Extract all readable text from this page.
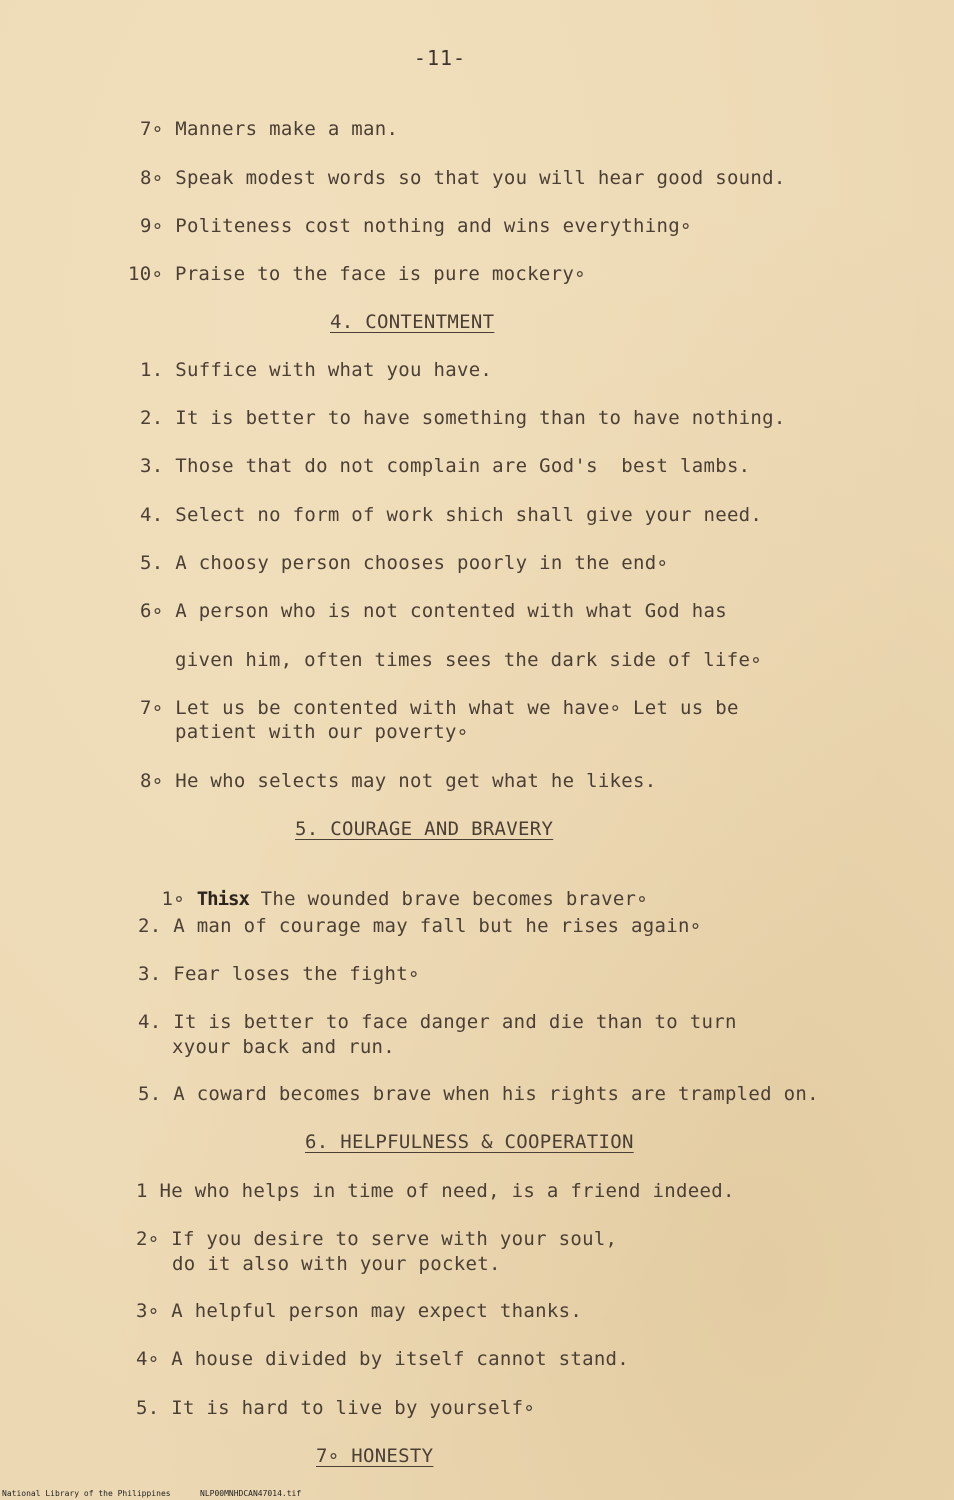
-11-
7∘ Manners make a man.
8∘ Speak modest words so that you will hear good sound.
9∘ Politeness cost nothing and wins everything∘
10∘ Praise to the face is pure mockery∘
4. CONTENTMENT
1. Suffice with what you have.
2. It is better to have something than to have nothing.
3. Those that do not complain are God's  best lambs.
4. Select no form of work shich shall give your need.
5. A choosy person chooses poorly in the end∘
6∘ A person who is not contented with what God has
given him, often times sees the dark side of life∘
7∘ Let us be contented with what we have∘ Let us be
patient with our poverty∘
8∘ He who selects may not get what he likes.
5. COURAGE AND BRAVERY

1∘ Thisx The wounded brave becomes braver∘

2. A man of courage may fall but he rises again∘
3. Fear loses the fight∘
4. It is better to face danger and die than to turn
xyour back and run.
5. A coward becomes brave when his rights are trampled on.
6. HELPFULNESS & COOPERATION
1 He who helps in time of need, is a friend indeed.
2∘ If you desire to serve with your soul,
do it also with your pocket.
3∘ A helpful person may expect thanks.
4∘ A house divided by itself cannot stand.
5. It is hard to live by yourself∘
7∘ HONESTY
National Library of the Philippines	NLP00MNHDCAN47014.tif
